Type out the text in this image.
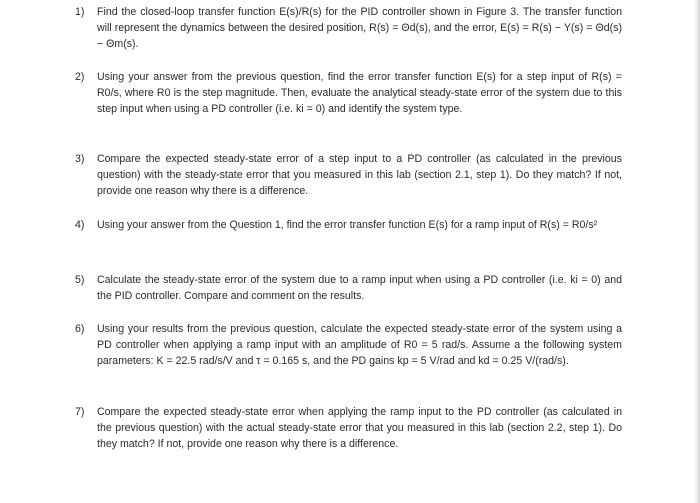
1)	Find the closed-loop transfer function E(s)/R(s) for the PID controller shown in Figure 3. The transfer function will represent the dynamics between the desired position, R(s) = Θd(s), and the error, E(s) = R(s) − Y(s) = Θd(s) − Θm(s).
2)	Using your answer from the previous question, find the error transfer function E(s) for a step input of R(s) = R0/s, where R0 is the step magnitude. Then, evaluate the analytical steady-state error of the system due to this step input when using a PD controller (i.e. ki = 0) and identify the system type.
3)	Compare the expected steady-state error of a step input to a PD controller (as calculated in the previous question) with the steady-state error that you measured in this lab (section 2.1, step 1). Do they match? If not, provide one reason why there is a difference.
4)	Using your answer from the Question 1, find the error transfer function E(s) for a ramp input of R(s) = R0/s²
5)	Calculate the steady-state error of the system due to a ramp input when using a PD controller (i.e. ki = 0) and the PID controller. Compare and comment on the results.
6)	Using your results from the previous question, calculate the expected steady-state error of the system using a PD controller when applying a ramp input with an amplitude of R0 = 5 rad/s. Assume a the following system parameters: K = 22.5 rad/s/V and τ = 0.165 s, and the PD gains kp = 5 V/rad and kd = 0.25 V/(rad/s).
7)	Compare the expected steady-state error when applying the ramp input to the PD controller (as calculated in the previous question) with the actual steady-state error that you measured in this lab (section 2.2, step 1). Do they match? If not, provide one reason why there is a difference.
